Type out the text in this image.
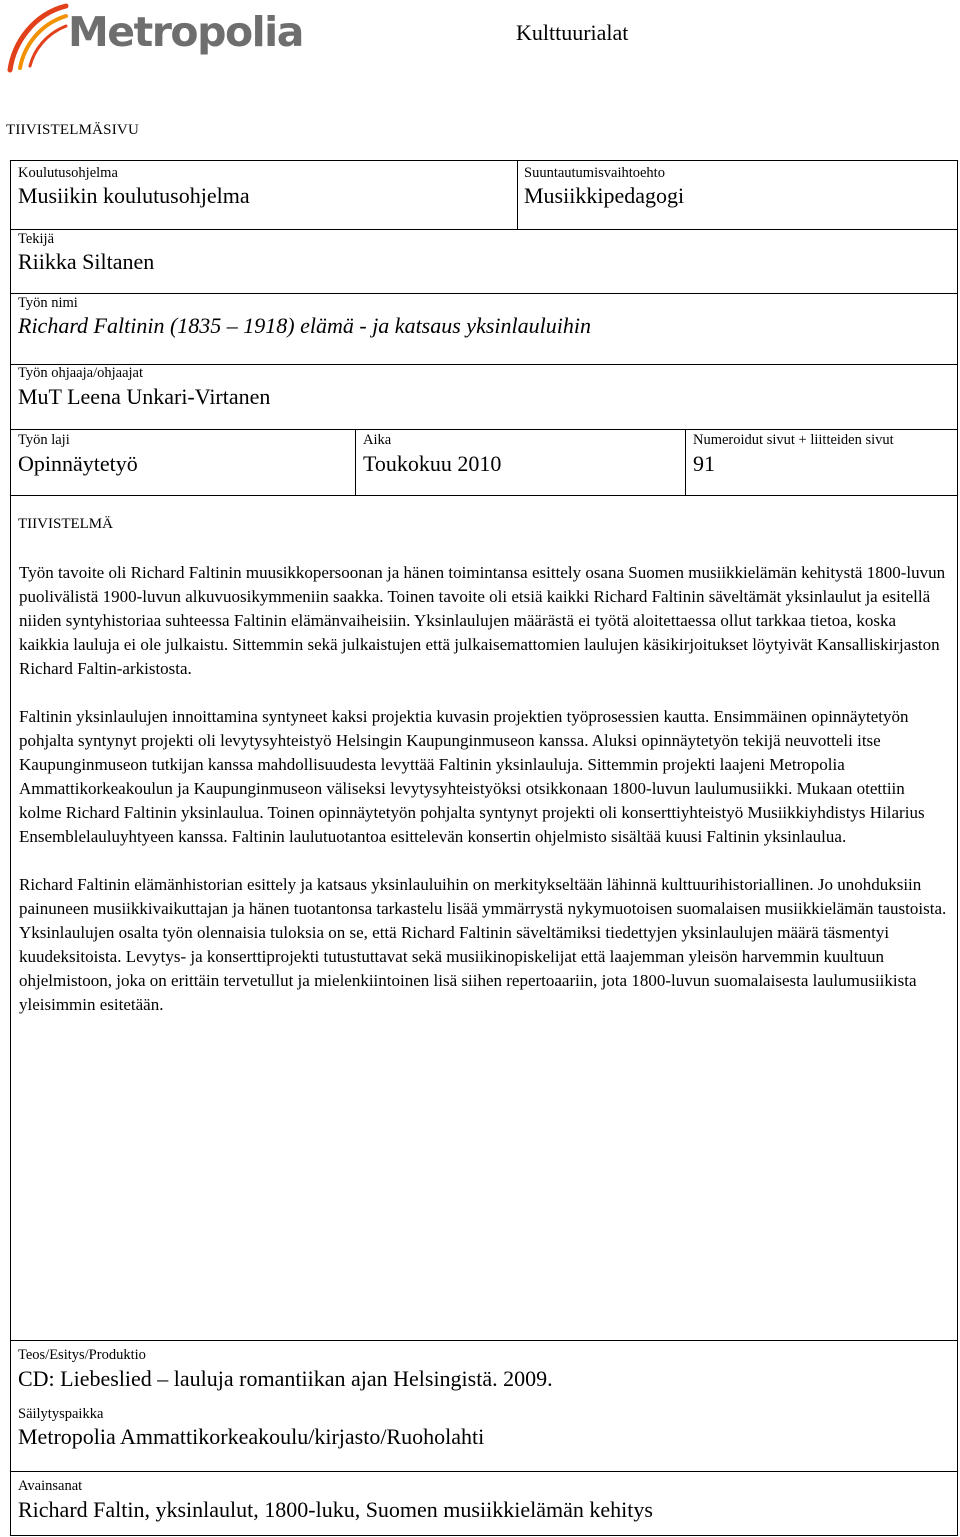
Metropolia	Kulttuurialat
TIIVISTELMÄSIVU
Koulutusohjelma
Musiikin koulutusohjelma
Suuntautumisvaihtoehto
Musiikkipedagogi
Tekijä
Riikka Siltanen
Työn nimi
Richard Faltinin (1835 – 1918) elämä - ja katsaus yksinlauluihin
Työn ohjaaja/ohjaajat
MuT Leena Unkari-Virtanen
Työn laji
Opinnäytetyö
Aika
Toukokuu 2010
Numeroidut sivut + liitteiden sivut
91
TIIVISTELMÄ

Työn tavoite oli Richard Faltinin muusikkopersoonan ja hänen toimintansa esittely osana Suomen musiikkielämän kehitystä 1800-luvun puolivälistä 1900-luvun alkuvuosikymmeniin saakka. Toinen tavoite oli etsiä kaikki Richard Faltinin säveltämät yksinlaulut ja esitellä niiden syntyhistoriaa suhteessa Faltinin elämänvaiheisiin. Yksinlaulujen määrästä ei työtä aloitettaessa ollut tarkkaa tietoa, koska kaikkia lauluja ei ole julkaistu. Sittemmin sekä julkaistujen että julkaisemattomien laulujen käsikirjoitukset löytyivät Kansalliskirjaston Richard Faltin-arkistosta.

Faltinin yksinlaulujen innoittamina syntyneet kaksi projektia kuvasin projektien työprosessien kautta. Ensimmäinen opinnäytetyön pohjalta syntynyt projekti oli levytysyhteistyö Helsingin Kaupunginmuseon kanssa. Aluksi opinnäytetyön tekijä neuvotteli itse Kaupunginmuseon tutkijan kanssa mahdollisuudesta levyttää Faltinin yksinlauluja. Sittemmin projekti laajeni Metropolia Ammattikorkeakoulun ja Kaupunginmuseon väliseksi levytysyhteistyöksi otsikkonaan 1800-luvun laulumusiikki. Mukaan otettiin kolme Richard Faltinin yksinlaulua. Toinen opinnäytetyön pohjalta syntynyt projekti oli konserttiyhteistyö Musiikkiyhdistys Hilarius Ensemblelauluyhtyeen kanssa. Faltinin laulutuotantoa esittelevän konsertin ohjelmisto sisältää kuusi Faltinin yksinlaulua.

Richard Faltinin elämänhistorian esittely ja katsaus yksinlauluihin on merkitykseltään lähinnä kulttuurihistoriallinen. Jo unohduksiin painuneen musiikkivaikuttajan ja hänen tuotantonsa tarkastelu lisää ymmärrystä nykymuotoisen suomalaisen musiikkielämän taustoista. Yksinlaulujen osalta työn olennaisia tuloksia on se, että Richard Faltinin säveltämiksi tiedettyjen yksinlaulujen määrä täsmentyi kuudeksitoista. Levytys- ja konserttiprojekti tutustuttavat sekä musiikinopiskelijat että laajemman yleisön harvemmin kuultuun ohjelmistoon, joka on erittäin tervetullut ja mielenkiintoinen lisä siihen repertoaariin, jota 1800-luvun suomalaisesta laulumusiikista yleisimmin esitetään.

Teos/Esitys/Produktio
CD: Liebeslied – lauluja romantiikan ajan Helsingistä. 2009.
Säilytyspaikka
Metropolia Ammattikorkeakoulu/kirjasto/Ruoholahti
Avainsanat
Richard Faltin, yksinlaulut, 1800-luku, Suomen musiikkielämän kehitys
